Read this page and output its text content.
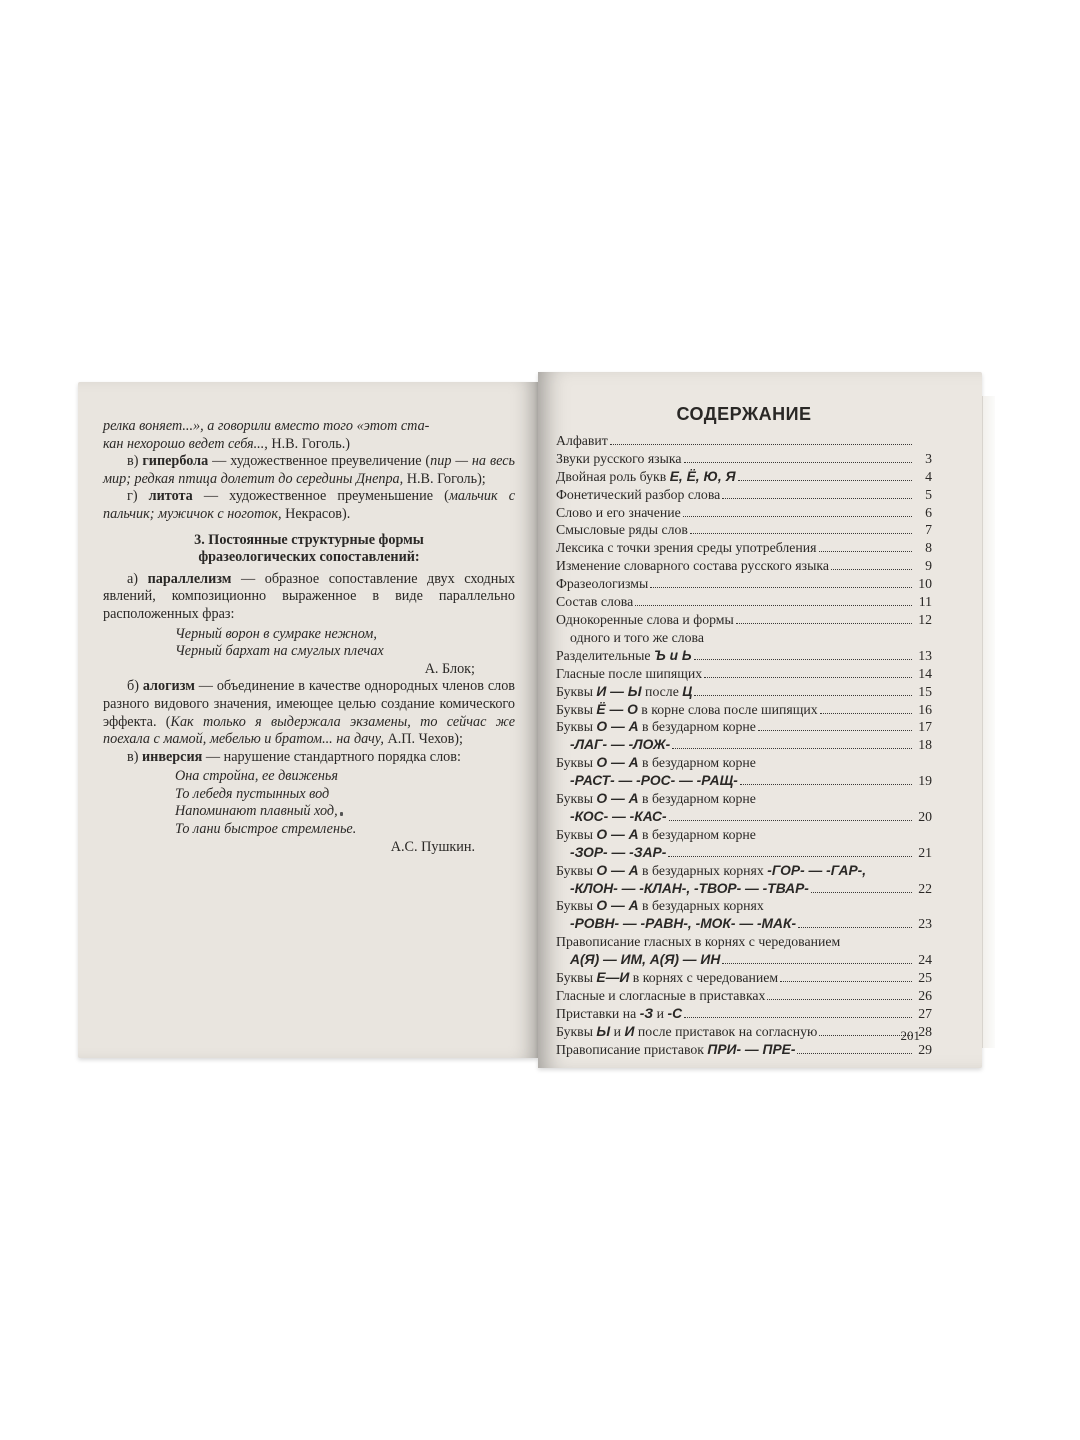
релка воняет...», а говорили вместо того «этот ста-
кан нехорошо ведет себя..., Н.В. Гоголь.)

в) гипербола — художественное преувеличение (пир — на весь мир; редкая птица долетит до середины Днепра, Н.В. Гоголь);

г) литота — художественное преуменьшение (мальчик с пальчик; мужичок с ноготок, Некрасов).

3. Постоянные структурные формы
фразеологических сопоставлений:

а) параллелизм — образное сопоставление двух сходных явлений, композиционно выраженное в виде параллельно расположенных фраз:

Черный ворон в сумраке нежном,

Черный бархат на смуглых плечах

А. Блок;

б) алогизм — объединение в качестве однородных членов слов разного видового значения, имеющее целью создание комического эффекта. (Как только я выдержала экзамены, то сейчас же поехала с мамой, мебелью и братом... на дачу, А.П. Чехов);

в) инверсия — нарушение стандартного порядка слов:

Она стройна, ее движенья

То лебедя пустынных вод

Напоминают плавный ход,

То лани быстрое стремленье.

А.С. Пушкин.

СОДЕРЖАНИЕ
Алфавит
Звуки русского языка	3
Двойная роль букв Е, Ё, Ю, Я	4
Фонетический разбор слова	5
Слово и его значение	6
Смысловые ряды слов	7
Лексика с точки зрения среды употребления	8
Изменение словарного состава русского языка	9
Фразеологизмы	10
Состав слова	11
Однокоренные слова и формы	12
одного и того же слова
Разделительные Ъ и Ь	13
Гласные после шипящих	14
Буквы И — Ы после Ц	15
Буквы Ё — О в корне слова после шипящих	16
Буквы О — А в безударном корне	17
-ЛАГ- — -ЛОЖ-	18
Буквы О — А в безударном корне
-РАСТ- — -РОС- — -РАЩ-	19
Буквы О — А в безударном корне
-КОС- — -КАС-	20
Буквы О — А в безударном корне
-ЗОР- — -ЗАР-	21
Буквы О — А в безударных корнях -ГОР- — -ГАР-,
-КЛОН- — -КЛАН-, -ТВОР- — -ТВАР-	22
Буквы О — А в безударных корнях
-РОВН- — -РАВН-, -МОК- — -МАК-	23
Правописание гласных в корнях с чередованием
А(Я) — ИМ, А(Я) — ИН	24
Буквы Е—И в корнях с чередованием	25
Гласные и слогласные в приставках	26
Приставки на -З и -С	27
Буквы Ы и И после приставок на согласную	28
Правописание приставок ПРИ- — ПРЕ-	29
201
